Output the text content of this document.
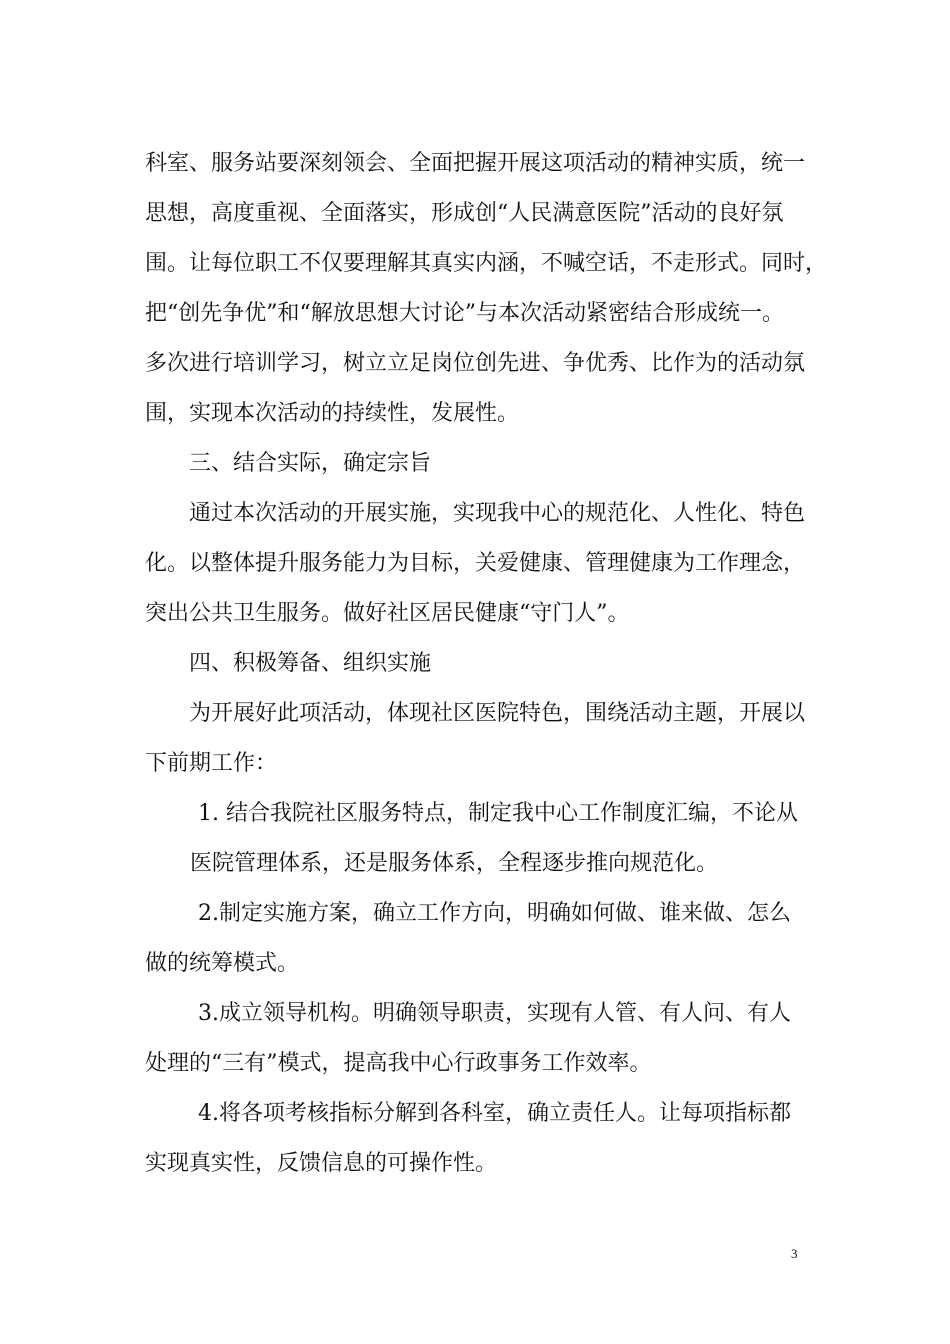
科室、服务站要深刻领会、全面把握开展这项活动的精神实质，统一
思想，高度重视、全面落实，形成创“人民满意医院”活动的良好氛
围。让每位职工不仅要理解其真实内涵，不喊空话，不走形式。同时，
把“创先争优”和“解放思想大讨论”与本次活动紧密结合形成统一。
多次进行培训学习，树立立足岗位创先进、争优秀、比作为的活动氛
围，实现本次活动的持续性，发展性。
三、结合实际，确定宗旨
通过本次活动的开展实施，实现我中心的规范化、人性化、特色
化。以整体提升服务能力为目标，关爱健康、管理健康为工作理念，
突出公共卫生服务。做好社区居民健康“守门人”。
四、积极筹备、组织实施
为开展好此项活动，体现社区医院特色，围绕活动主题，开展以
下前期工作：
1. 结合我院社区服务特点，制定我中心工作制度汇编，不论从
医院管理体系，还是服务体系，全程逐步推向规范化。
2.制定实施方案，确立工作方向，明确如何做、谁来做、怎么
做的统筹模式。
3.成立领导机构。明确领导职责，实现有人管、有人问、有人
处理的“三有”模式，提高我中心行政事务工作效率。
4.将各项考核指标分解到各科室，确立责任人。让每项指标都
实现真实性，反馈信息的可操作性。
3
